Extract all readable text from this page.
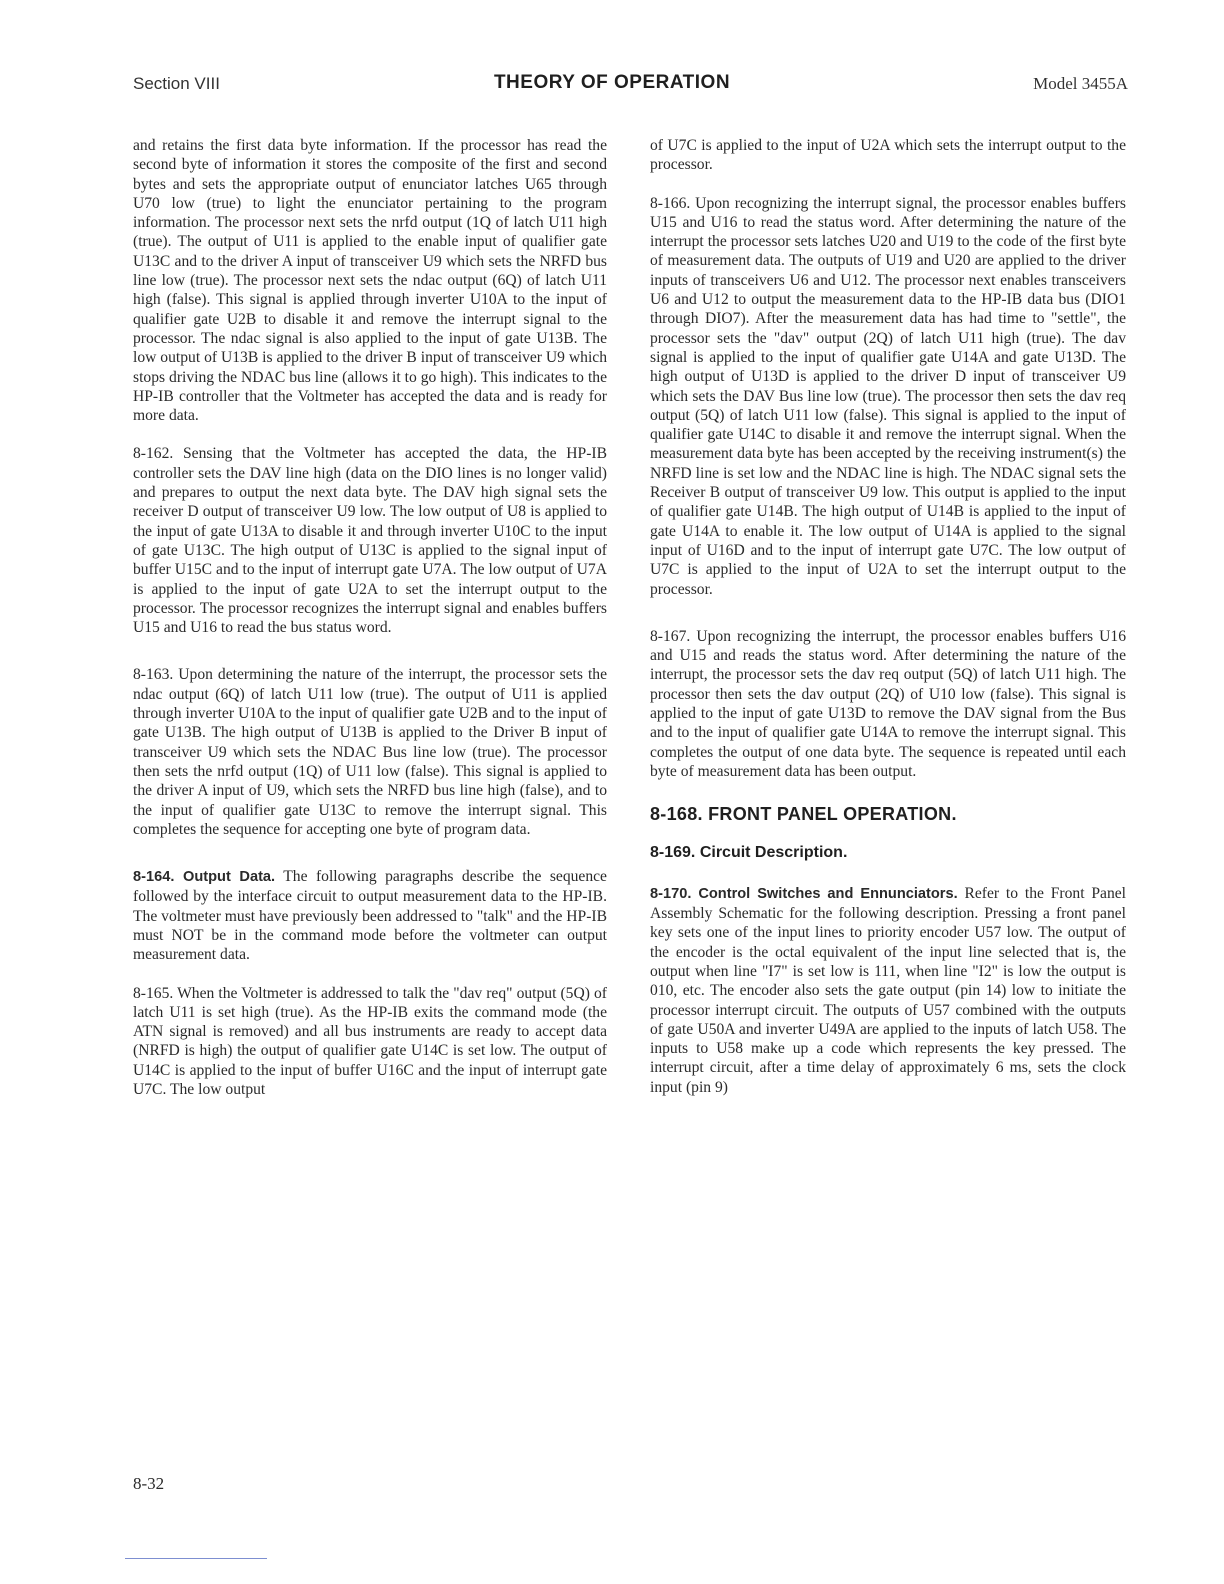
Section VIII	THEORY OF OPERATION	Model 3455A

and retains the first data byte information. If the processor has read the second byte of information it stores the composite of the first and second bytes and sets the appropriate output of enunciator latches U65 through U70 low (true) to light the enunciator pertaining to the program information. The processor next sets the nrfd output (1Q of latch U11 high (true). The output of U11 is applied to the enable input of qualifier gate U13C and to the driver A input of transceiver U9 which sets the NRFD bus line low (true). The processor next sets the ndac output (6Q) of latch U11 high (false). This signal is applied through inverter U10A to the input of qualifier gate U2B to disable it and remove the interrupt signal to the processor. The ndac signal is also applied to the input of gate U13B. The low output of U13B is applied to the driver B input of transceiver U9 which stops driving the NDAC bus line (allows it to go high). This indicates to the HP-IB controller that the Voltmeter has accepted the data and is ready for more data.

8-162. Sensing that the Voltmeter has accepted the data, the HP-IB controller sets the DAV line high (data on the DIO lines is no longer valid) and prepares to output the next data byte. The DAV high signal sets the receiver D output of transceiver U9 low. The low output of U8 is applied to the input of gate U13A to disable it and through inverter U10C to the input of gate U13C. The high output of U13C is applied to the signal input of buffer U15C and to the input of interrupt gate U7A. The low output of U7A is applied to the input of gate U2A to set the interrupt output to the processor. The processor recognizes the interrupt signal and enables buffers U15 and U16 to read the bus status word.

8-163. Upon determining the nature of the interrupt, the processor sets the ndac output (6Q) of latch U11 low (true). The output of U11 is applied through inverter U10A to the input of qualifier gate U2B and to the input of gate U13B. The high output of U13B is applied to the Driver B input of transceiver U9 which sets the NDAC Bus line low (true). The processor then sets the nrfd output (1Q) of U11 low (false). This signal is applied to the driver A input of U9, which sets the NRFD bus line high (false), and to the input of qualifier gate U13C to remove the interrupt signal. This completes the sequence for accepting one byte of program data.

8-164. Output Data. The following paragraphs describe the sequence followed by the interface circuit to output measurement data to the HP-IB. The voltmeter must have previously been addressed to "talk" and the HP-IB must NOT be in the command mode before the voltmeter can output measurement data.

8-165. When the Voltmeter is addressed to talk the "dav req" output (5Q) of latch U11 is set high (true). As the HP-IB exits the command mode (the ATN signal is removed) and all bus instruments are ready to accept data (NRFD is high) the output of qualifier gate U14C is set low. The output of U14C is applied to the input of buffer U16C and the input of interrupt gate U7C. The low output

of U7C is applied to the input of U2A which sets the interrupt output to the processor.

8-166. Upon recognizing the interrupt signal, the processor enables buffers U15 and U16 to read the status word. After determining the nature of the interrupt the processor sets latches U20 and U19 to the code of the first byte of measurement data. The outputs of U19 and U20 are applied to the driver inputs of transceivers U6 and U12. The processor next enables transceivers U6 and U12 to output the measurement data to the HP-IB data bus (DIO1 through DIO7). After the measurement data has had time to "settle", the processor sets the "dav" output (2Q) of latch U11 high (true). The dav signal is applied to the input of qualifier gate U14A and gate U13D. The high output of U13D is applied to the driver D input of transceiver U9 which sets the DAV Bus line low (true). The processor then sets the dav req output (5Q) of latch U11 low (false). This signal is applied to the input of qualifier gate U14C to disable it and remove the interrupt signal. When the measurement data byte has been accepted by the receiving instrument(s) the NRFD line is set low and the NDAC line is high. The NDAC signal sets the Receiver B output of transceiver U9 low. This output is applied to the input of qualifier gate U14B. The high output of U14B is applied to the input of gate U14A to enable it. The low output of U14A is applied to the signal input of U16D and to the input of interrupt gate U7C. The low output of U7C is applied to the input of U2A to set the interrupt output to the processor.

8-167. Upon recognizing the interrupt, the processor enables buffers U16 and U15 and reads the status word. After determining the nature of the interrupt, the processor sets the dav req output (5Q) of latch U11 high. The processor then sets the dav output (2Q) of U10 low (false). This signal is applied to the input of gate U13D to remove the DAV signal from the Bus and to the input of qualifier gate U14A to remove the interrupt signal. This completes the output of one data byte. The sequence is repeated until each byte of measurement data has been output.

8-168. FRONT PANEL OPERATION.
8-169. Circuit Description.

8-170. Control Switches and Ennunciators. Refer to the Front Panel Assembly Schematic for the following description. Pressing a front panel key sets one of the input lines to priority encoder U57 low. The output of the encoder is the octal equivalent of the input line selected that is, the output when line "I7" is set low is 111, when line "I2" is low the output is 010, etc. The encoder also sets the gate output (pin 14) low to initiate the processor interrupt circuit. The outputs of U57 combined with the outputs of gate U50A and inverter U49A are applied to the inputs of latch U58. The inputs to U58 make up a code which represents the key pressed. The interrupt circuit, after a time delay of approximately 6 ms, sets the clock input (pin 9)

8-32
